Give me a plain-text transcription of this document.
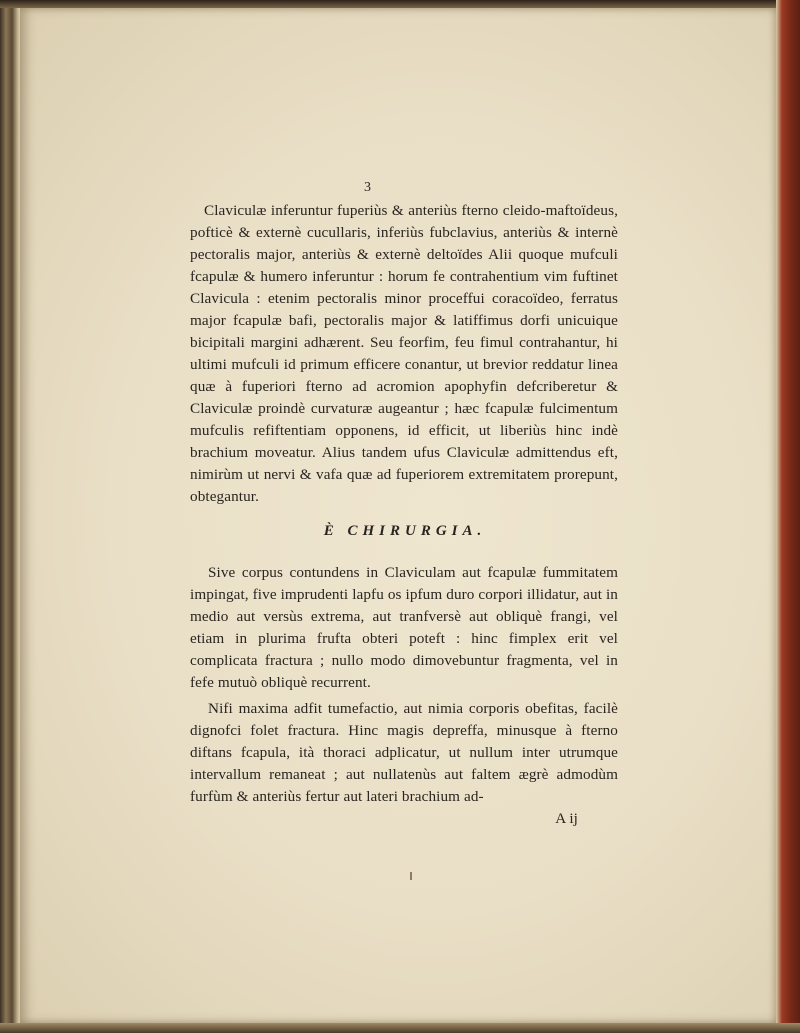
3

Claviculæ inferuntur fuperiùs & anteriùs fterno cleido-maftoïdeus, pofticè & externè cucullaris, inferiùs fubclavius, anteriùs & internè pectoralis major, anteriùs & externè deltoïdes Alii quoque mufculi fcapulæ & humero inferuntur : horum fe contrahentium vim fuftinet Clavicula : etenim pectoralis minor proceffui coracoïdeo, ferratus major fcapulæ bafi, pectoralis major & latiffimus dorfi unicuique bicipitali margini adhærent. Seu feorfim, feu fimul contrahantur, hi ultimi mufculi id primum efficere conantur, ut brevior reddatur linea quæ à fuperiori fterno ad acromion apophyfin defcriberetur & Claviculæ proindè curvaturæ augeantur ; hæc fcapulæ fulcimentum mufculis refiftentiam opponens, id efficit, ut liberiùs hinc indè brachium moveatur. Alius tandem ufus Claviculæ admittendus eft, nimirùm ut nervi & vafa quæ ad fuperiorem extremitatem prorepunt, obtegantur.

È CHIRURGIA.

Sive corpus contundens in Claviculam aut fcapulæ fummitatem impingat, five imprudenti lapfu os ipfum duro corpori illidatur, aut in medio aut versùs extrema, aut tranfversè aut obliquè frangi, vel etiam in plurima frufta obteri poteft : hinc fimplex erit vel complicata fractura ; nullo modo dimovebuntur fragmenta, vel in fefe mutuò obliquè recurrent.

Nifi maxima adfit tumefactio, aut nimia corporis obefitas, facilè dignofci folet fractura. Hinc magis depreffa, minusque à fterno diftans fcapula, ità thoraci adplicatur, ut nullum inter utrumque intervallum remaneat ; aut nullatenùs aut faltem ægrè admodùm furfùm & anteriùs fertur aut lateri brachium ad-

A ij
